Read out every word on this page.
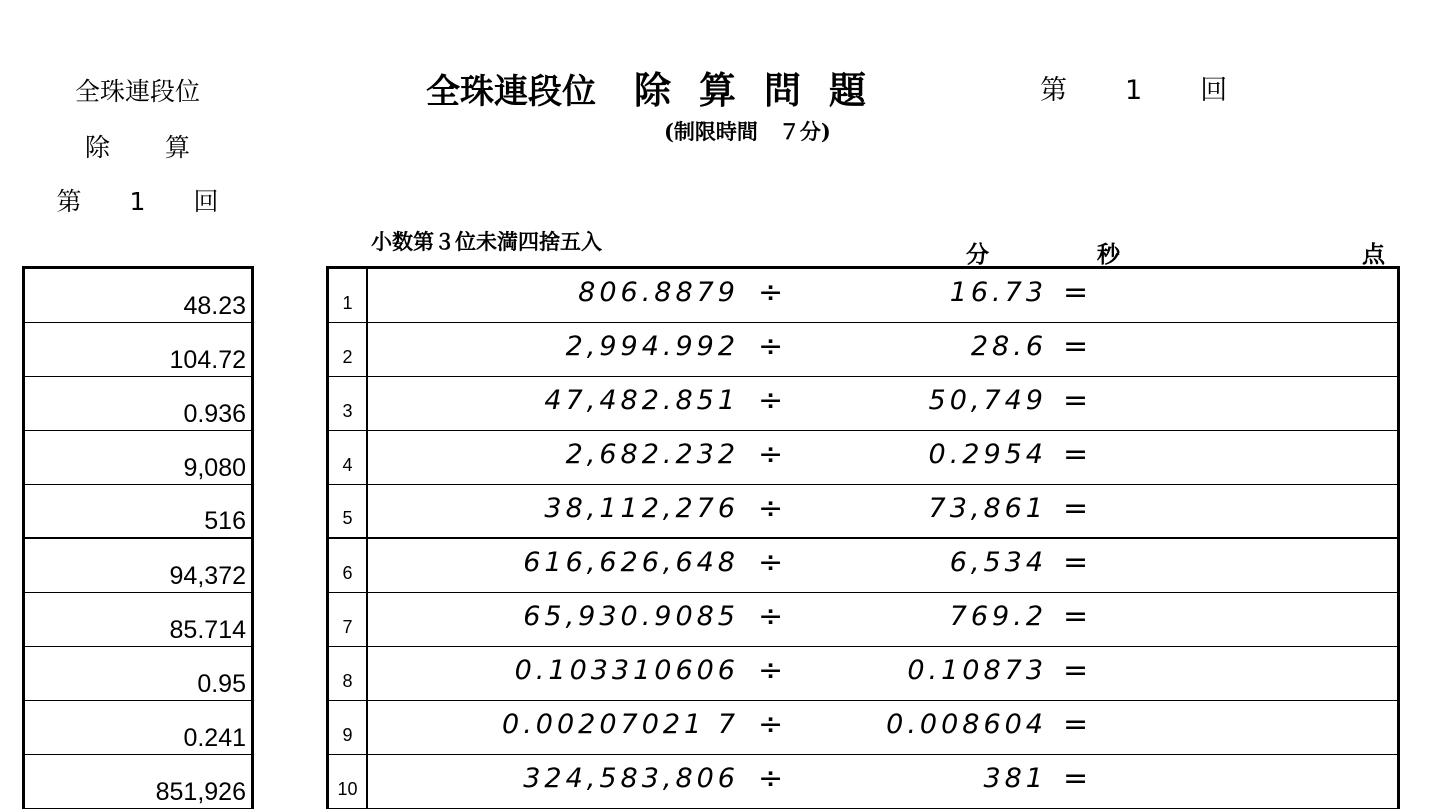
全珠連段位
除 算
第 1 回
全珠連段位 除算問題	第 1 回
(制限時間　７分)
小数第３位未満四捨五入	分	秒	点
48.23
104.72
0.936
9,080
516
94,372
85.714
0.95
0.241
851,926
1	806.8879 ÷	16.73 =
2	2,994.992 ÷	28.6 =
3	47,482.851 ÷	50,749 =
4	2,682.232 ÷	0.2954 =
5	38,112,276 ÷	73,861 =
6	616,626,648 ÷	6,534 =
7	65,930.9085 ÷	769.2 =
8	0.103310606 ÷	0.10873 =
9	0.00207021 7 ÷	0.008604 =
10	324,583,806 ÷	381 =
